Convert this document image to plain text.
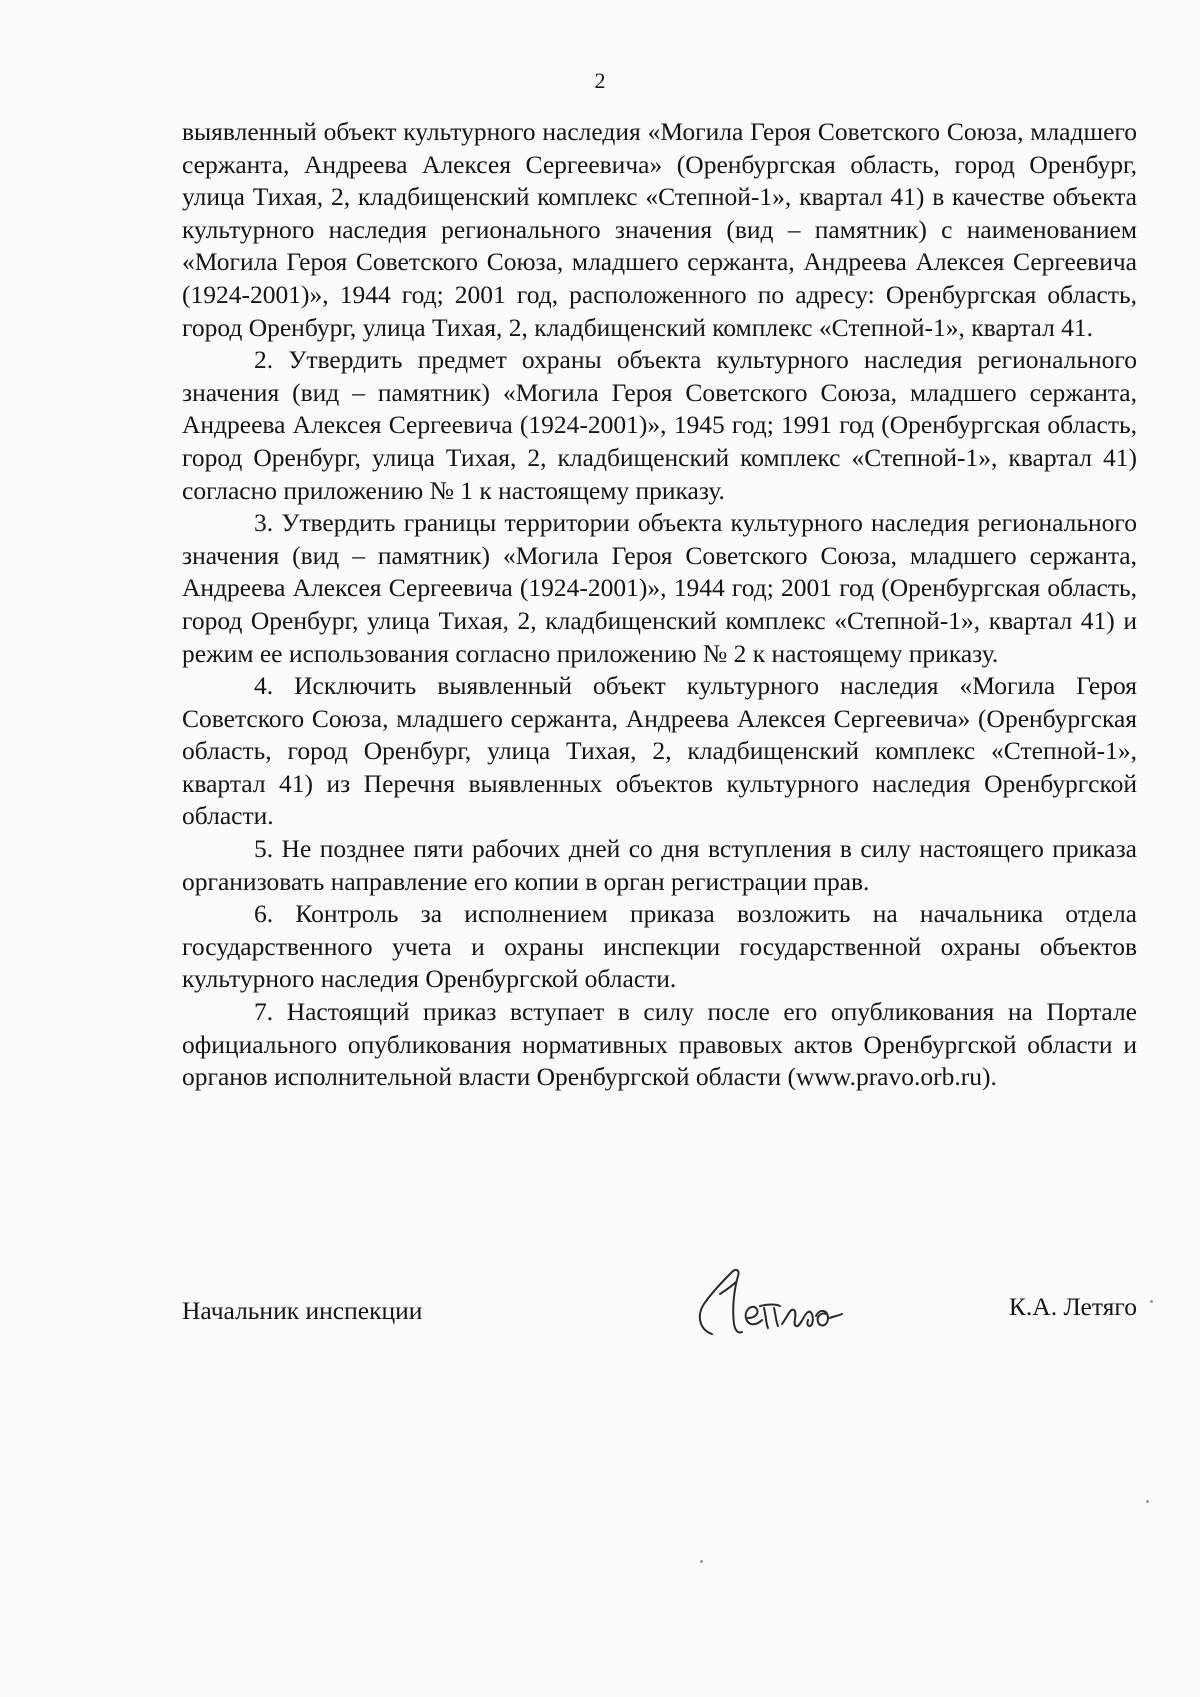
2

выявленный объект культурного наследия «Могила Героя Советского Союза, младшего сержанта, Андреева Алексея Сергеевича» (Оренбургская область, город Оренбург, улица Тихая, 2, кладбищенский комплекс «Степной-1», квартал 41) в качестве объекта культурного наследия регионального значения (вид – памятник) с наименованием «Могила Героя Советского Союза, младшего сержанта, Андреева Алексея Сергеевича (1924-2001)», 1944 год; 2001 год, расположенного по адресу: Оренбургская область, город Оренбург, улица Тихая, 2, кладбищенский комплекс «Степной-1», квартал 41.

2. Утвердить предмет охраны объекта культурного наследия регионального значения (вид – памятник) «Могила Героя Советского Союза, младшего сержанта, Андреева Алексея Сергеевича (1924-2001)», 1945 год; 1991 год (Оренбургская область, город Оренбург, улица Тихая, 2, кладбищенский комплекс «Степной-1», квартал 41) согласно приложению № 1 к настоящему приказу.

3. Утвердить границы территории объекта культурного наследия регионального значения (вид – памятник) «Могила Героя Советского Союза, младшего сержанта, Андреева Алексея Сергеевича (1924-2001)», 1944 год; 2001 год (Оренбургская область, город Оренбург, улица Тихая, 2, кладбищенский комплекс «Степной-1», квартал 41) и режим ее использования согласно приложению № 2 к настоящему приказу.

4. Исключить выявленный объект культурного наследия «Могила Героя Советского Союза, младшего сержанта, Андреева Алексея Сергеевича» (Оренбургская область, город Оренбург, улица Тихая, 2, кладбищенский комплекс «Степной-1», квартал 41) из Перечня выявленных объектов культурного наследия Оренбургской области.

5. Не позднее пяти рабочих дней со дня вступления в силу настоящего приказа организовать направление его копии в орган регистрации прав.

6. Контроль за исполнением приказа возложить на начальника отдела государственного учета и охраны инспекции государственной охраны объектов культурного наследия Оренбургской области.

7. Настоящий приказ вступает в силу после его опубликования на Портале официального опубликования нормативных правовых актов Оренбургской области и органов исполнительной власти Оренбургской области (www.pravo.orb.ru).

Начальник инспекции	К.А. Летяго
